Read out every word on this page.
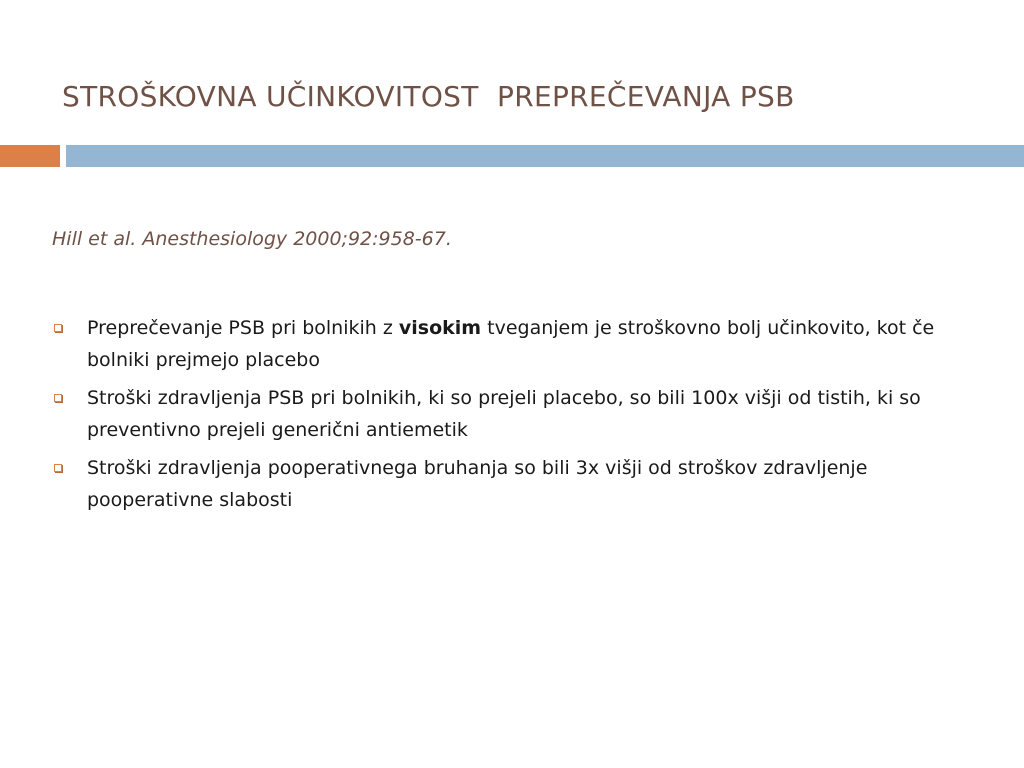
STROŠKOVNA UČINKOVITOST  PREPREČEVANJA PSB
Hill et al. Anesthesiology 2000;92:958-67.
Preprečevanje PSB pri bolnikih z visokim tveganjem je stroškovno bolj učinkovito, kot če bolniki prejmejo placebo
Stroški zdravljenja PSB pri bolnikih, ki so prejeli placebo, so bili 100x višji od tistih, ki so preventivno prejeli generični antiemetik
Stroški zdravljenja pooperativnega bruhanja so bili 3x višji od stroškov zdravljenje pooperativne slabosti
